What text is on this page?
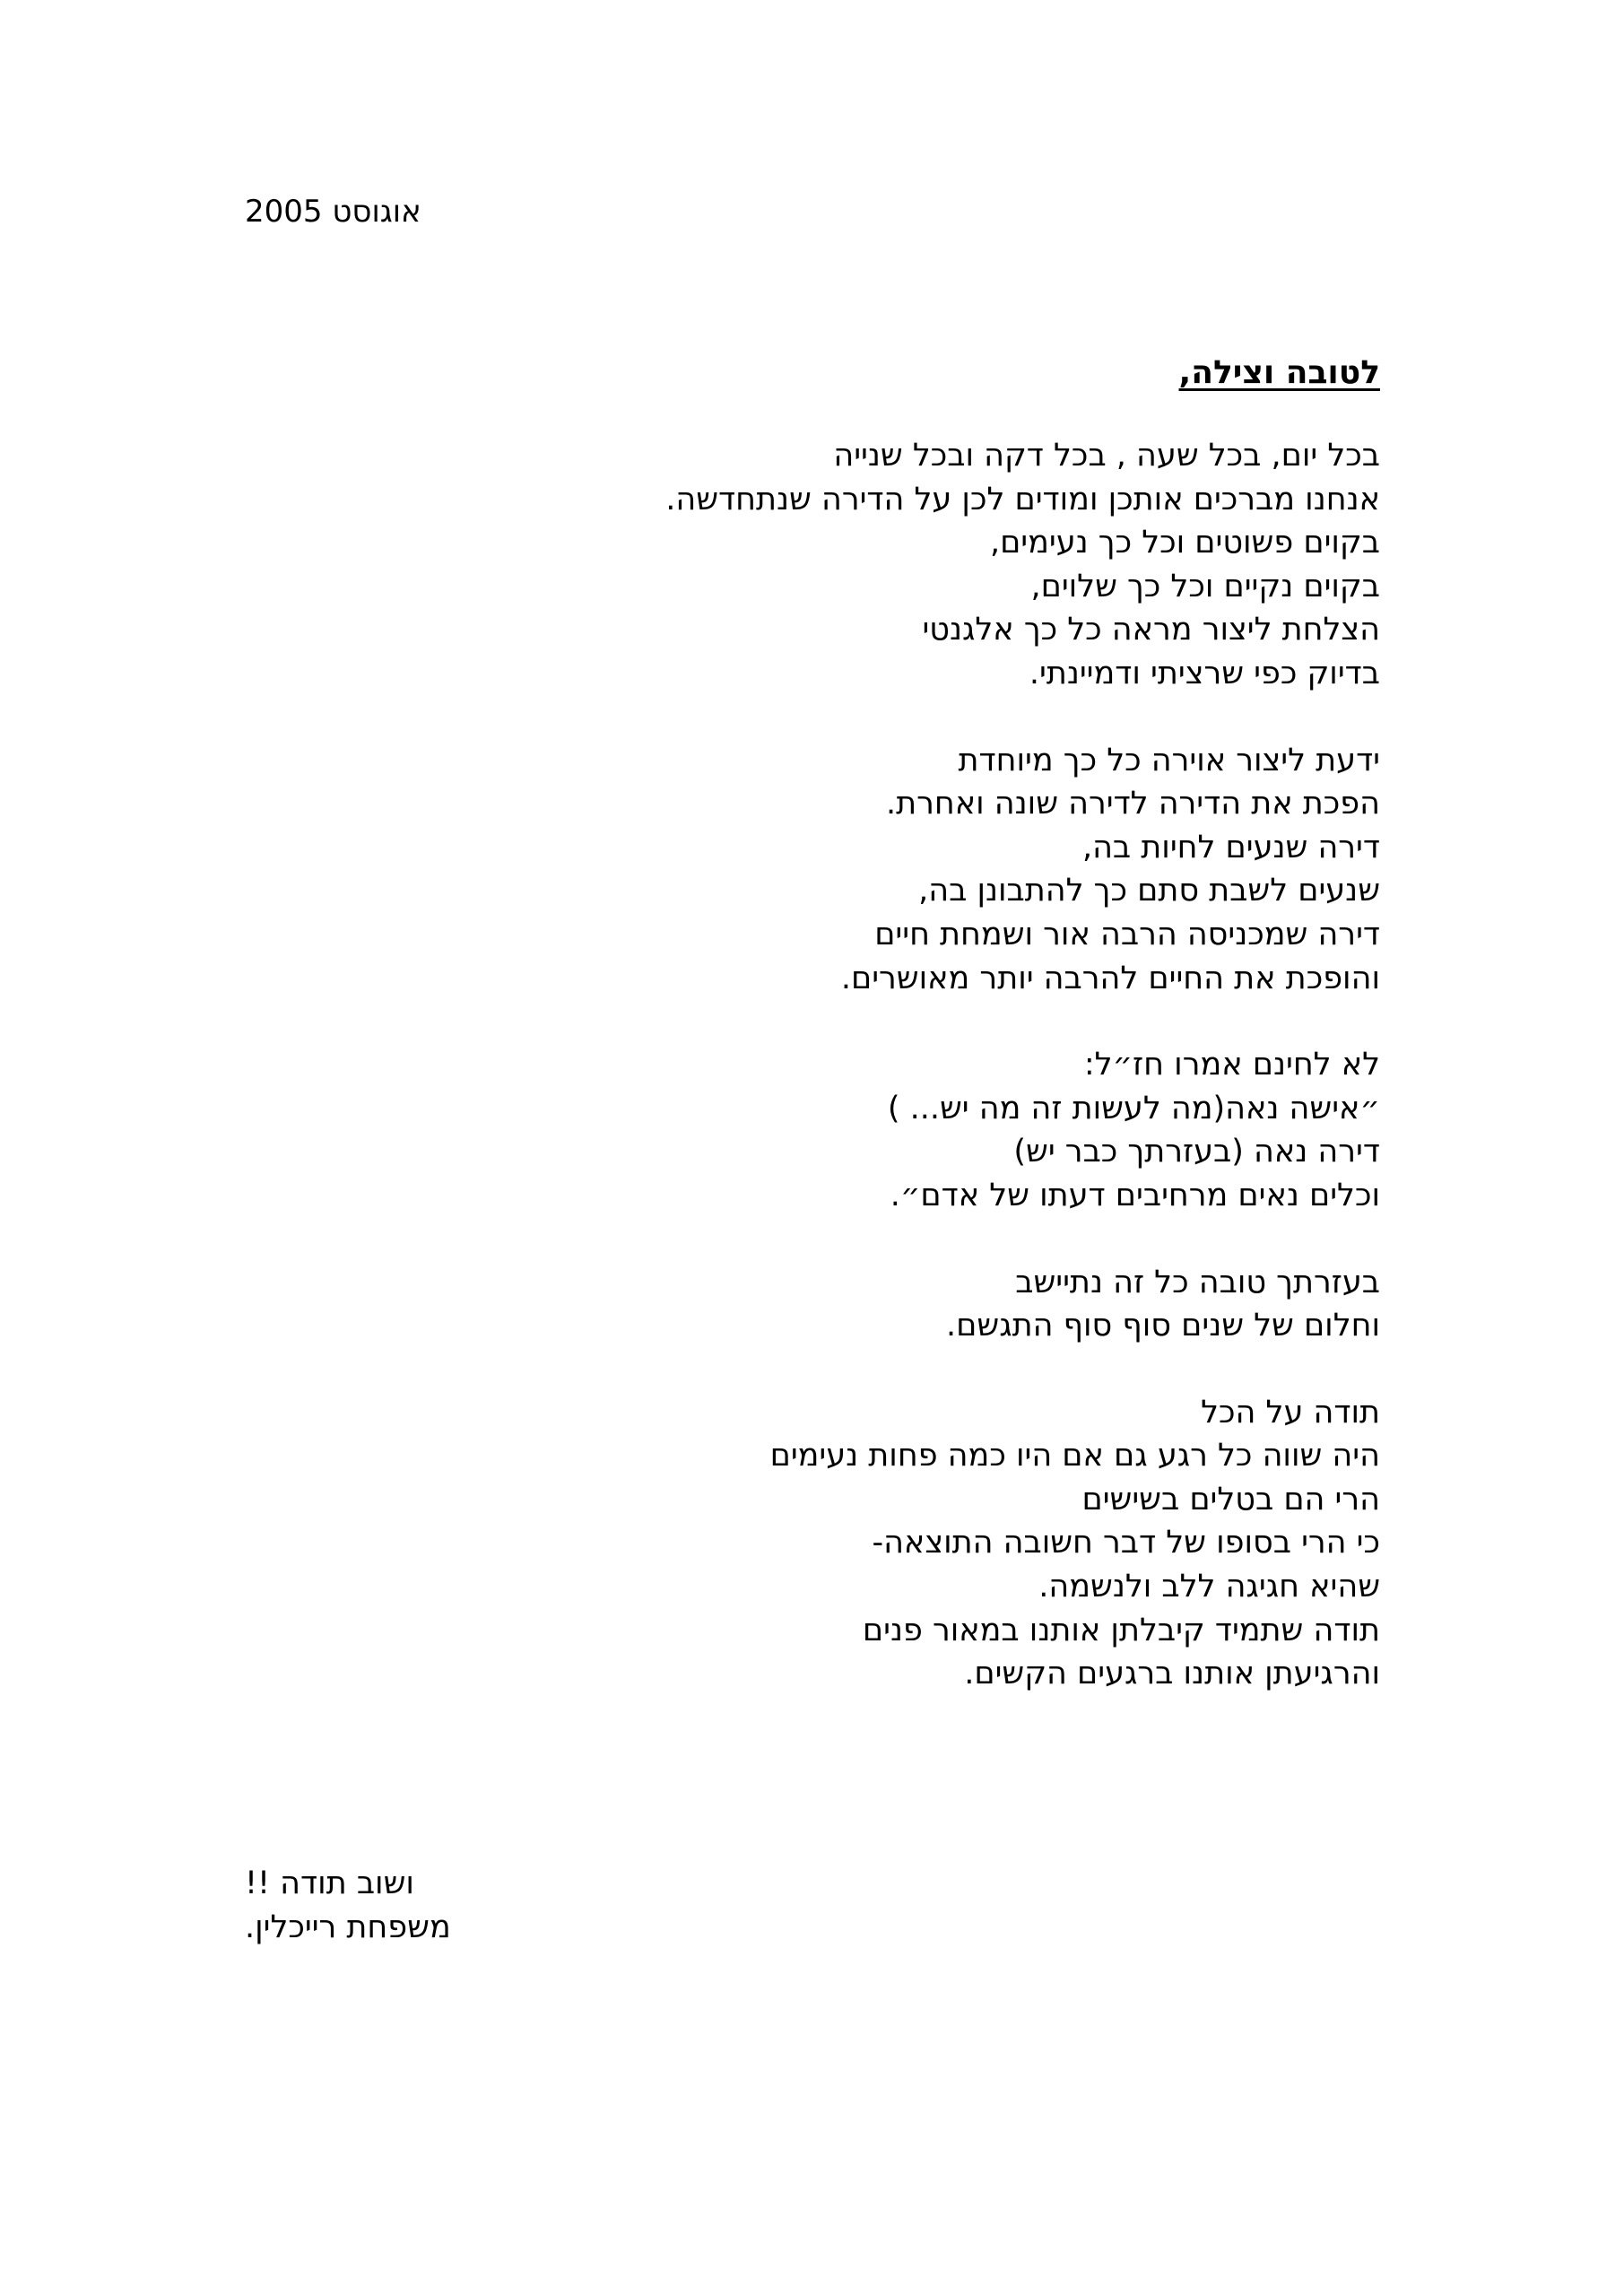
אוגוסט 2005
לטובה וצילה,
בכל יום, בכל שעה , בכל דקה ובכל שנייה
אנחנו מברכים אותכן ומודים לכן על הדירה שנתחדשה.
בקוים פשוטים וכל כך נעימים,
בקוים נקיים וכל כך שלוים,
הצלחת ליצור מראה כל כך אלגנטי
בדיוק כפי שרציתי ודמיינתי.
ידעת ליצור אוירה כל כך מיוחדת
הפכת את הדירה לדירה שונה ואחרת.
דירה שנעים לחיות בה,
שנעים לשבת סתם כך להתבונן בה,
דירה שמכניסה הרבה אור ושמחת חיים
והופכת את החיים להרבה יותר מאושרים.
לא לחינם אמרו חז״ל:
״אישה נאה(מה לעשות זה מה יש... )
דירה נאה (בעזרתך כבר יש)
וכלים נאים מרחיבים דעתו של אדם״.
בעזרתך טובה כל זה נתיישב
וחלום של שנים סוף סוף התגשם.
תודה על הכל
היה שווה כל רגע גם אם היו כמה פחות נעימים
הרי הם בטלים בשישים
כי הרי בסופו של דבר חשובה התוצאה-
שהיא חגיגה ללב ולנשמה.
תודה שתמיד קיבלתן אותנו במאור פנים
והרגיעתן אותנו ברגעים הקשים.
ושוב תודה !!
משפחת רייכלין.
